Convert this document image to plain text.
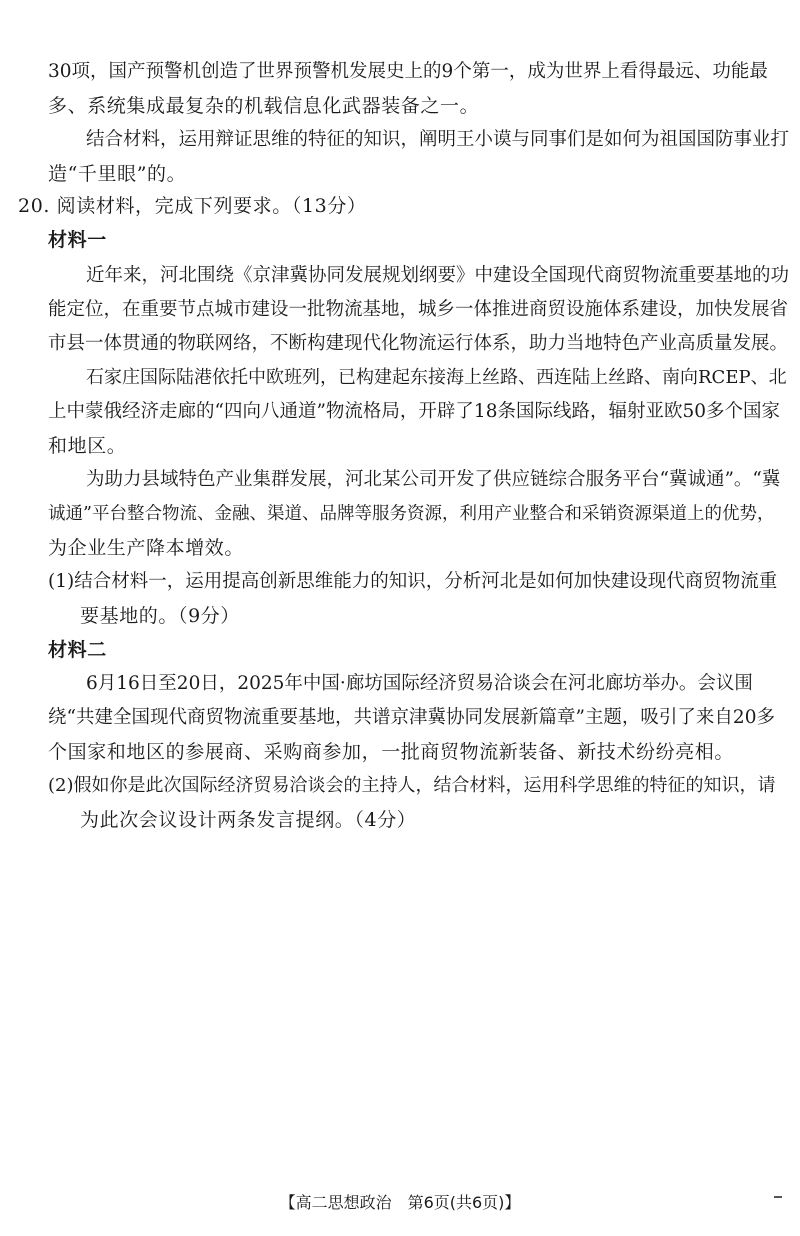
30项，国产预警机创造了世界预警机发展史上的9个第一，成为世界上看得最远、功能最
多、系统集成最复杂的机载信息化武器装备之一。
结合材料，运用辩证思维的特征的知识，阐明王小谟与同事们是如何为祖国国防事业打
造“千里眼”的。
20. 阅读材料，完成下列要求。（13分）
材料一
近年来，河北围绕《京津冀协同发展规划纲要》中建设全国现代商贸物流重要基地的功
能定位，在重要节点城市建设一批物流基地，城乡一体推进商贸设施体系建设，加快发展省
市县一体贯通的物联网络，不断构建现代化物流运行体系，助力当地特色产业高质量发展。
石家庄国际陆港依托中欧班列，已构建起东接海上丝路、西连陆上丝路、南向RCEP、北
上中蒙俄经济走廊的“四向八通道”物流格局，开辟了18条国际线路，辐射亚欧50多个国家
和地区。
为助力县域特色产业集群发展，河北某公司开发了供应链综合服务平台“冀诚通”。“冀
诚通”平台整合物流、金融、渠道、品牌等服务资源，利用产业整合和采销资源渠道上的优势，
为企业生产降本增效。
(1)结合材料一，运用提高创新思维能力的知识，分析河北是如何加快建设现代商贸物流重
要基地的。（9分）
材料二
6月16日至20日，2025年中国·廊坊国际经济贸易洽谈会在河北廊坊举办。会议围
绕“共建全国现代商贸物流重要基地，共谱京津冀协同发展新篇章”主题，吸引了来自20多
个国家和地区的参展商、采购商参加，一批商贸物流新装备、新技术纷纷亮相。
(2)假如你是此次国际经济贸易洽谈会的主持人，结合材料，运用科学思维的特征的知识，请
为此次会议设计两条发言提纲。（4分）
【高二思想政治　第6页(共6页)】
